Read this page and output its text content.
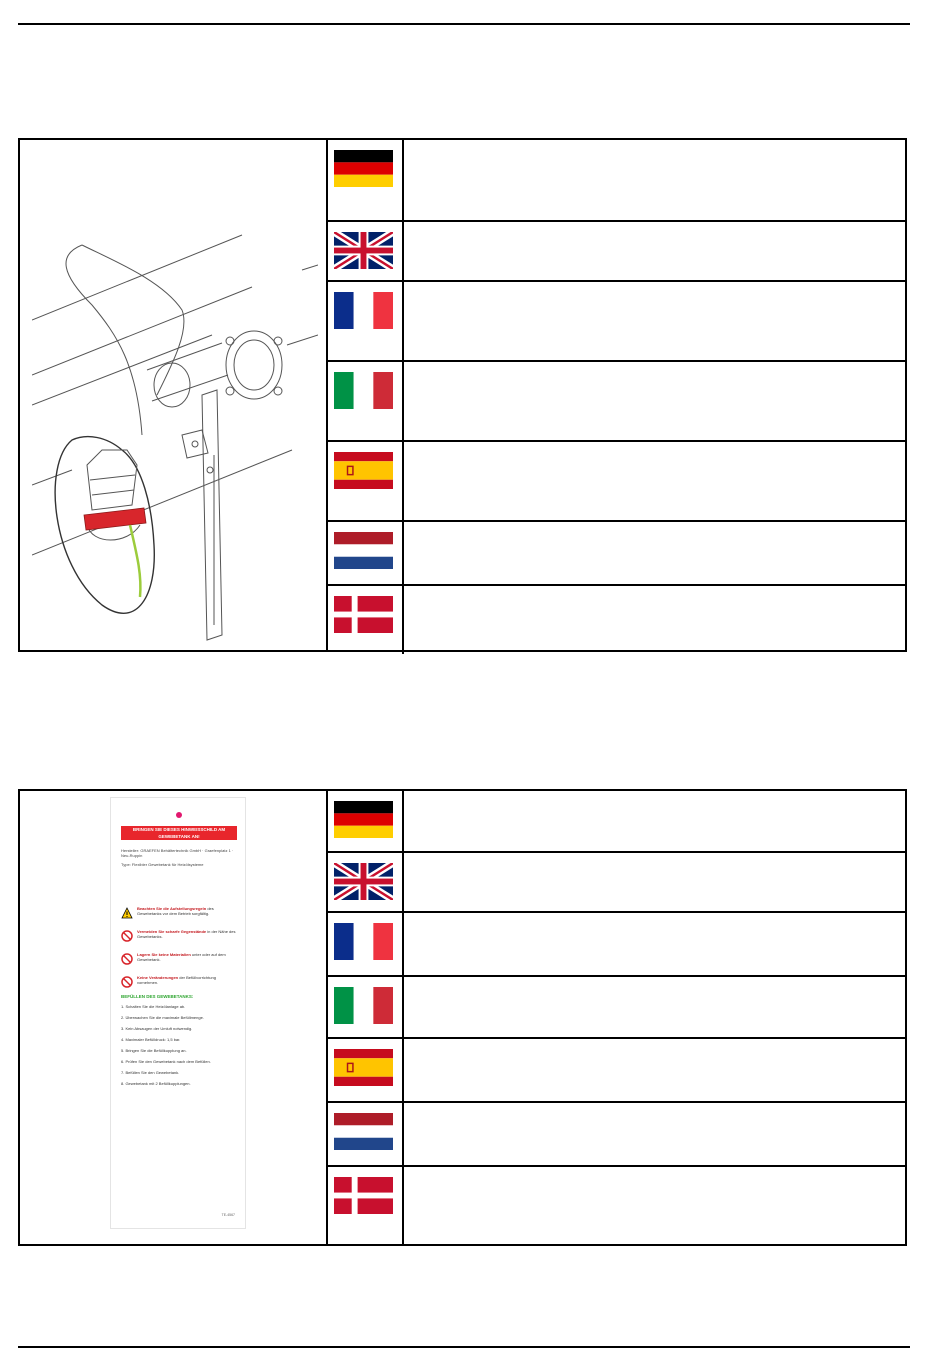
BRINGEN SIE DIESES HINWEISSCHILD AM GEWEBETANK AN!
Hersteller: GRAEFEN Behältertechnik GmbH · Graefenplatz 1 · Neu-Ruppin
Type: Flexibler Gewebetank für Heizölsysteme
Beachten Sie die Aufstellungsregeln des Gewebetanks vor dem Betrieb sorgfältig.
Vermeiden Sie scharfe Gegenstände in der Nähe des Gewebetanks.
Lagern Sie keine Materialien unter oder auf dem Gewebetank.
Keine Veränderungen der Befüllvorrichtung vornehmen.
BEFÜLLEN DES GEWEBETANKS:
1. Schalten Sie die Heizölanlage ab.
2. Überwachen Sie die maximale Befüllmenge.
3. Kein Absaugen der Umluft notwendig.
4. Maximaler Befülldruck: 1,5 bar.
5. Bringen Sie die Befüllkupplung an.
6. Prüfen Sie den Gewebetank nach dem Befüllen.
7. Befüllen Sie den Gewebetank.
8. Gewebetank mit 2 Befüllkupplungen.
TE-4567
